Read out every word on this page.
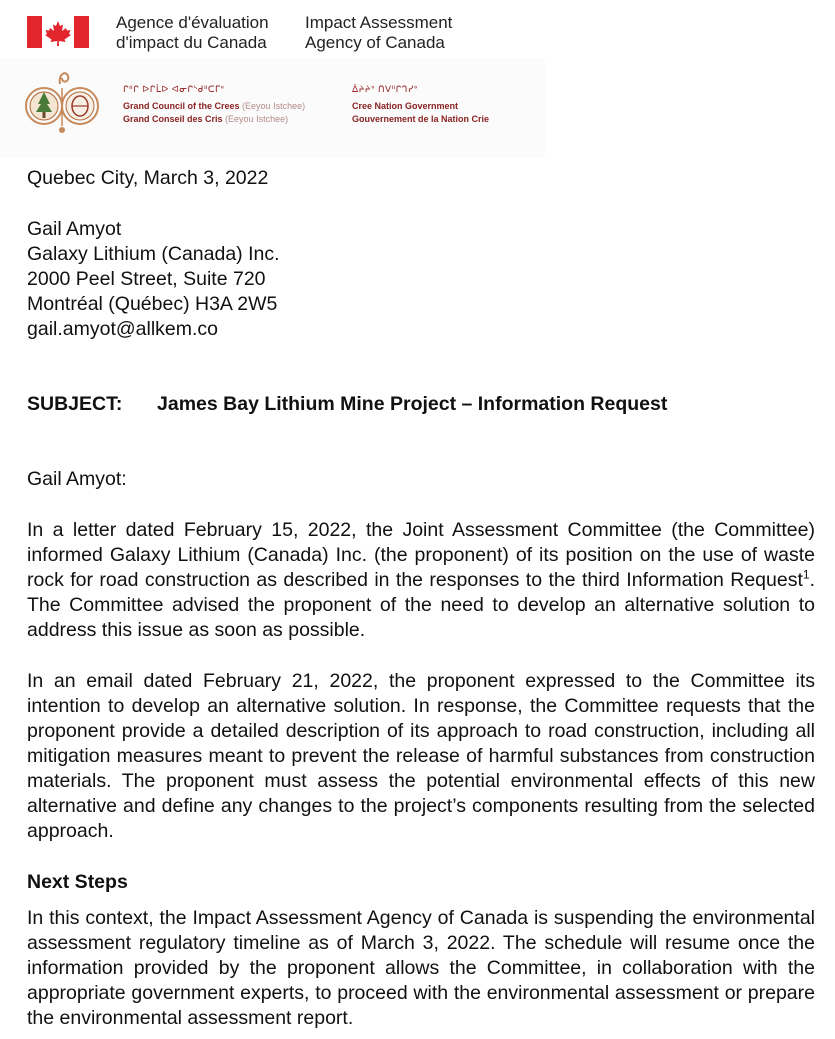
Agence d'évaluation
d'impact du Canada
Impact Assessment
Agency of Canada
ᒋᐦᒋ ᐅᒋᒫᐅ ᐊᓂᒋᔅᑯᐦᑕᒥᐤ	ᐄᔨᔨᐤ ᑎᐯᐦᒋᒉᓯᐤ
Grand Council of the Crees (Eeyou Istchee)
Grand Conseil des Cris (Eeyou Istchee)
Cree Nation Government
Gouvernement de la Nation Crie
Quebec City, March 3, 2022
Gail Amyot
Galaxy Lithium (Canada) Inc.
2000 Peel Street, Suite 720
Montréal (Québec) H3A 2W5
gail.amyot@allkem.co
SUBJECT: James Bay Lithium Mine Project – Information Request
Gail Amyot:
In a letter dated February 15, 2022, the Joint Assessment Committee (the Committee) informed Galaxy Lithium (Canada) Inc. (the proponent) of its position on the use of waste rock for road construction as described in the responses to the third Information Request$^1$. The Committee advised the proponent of the need to develop an alternative solution to address this issue as soon as possible.
In an email dated February 21, 2022, the proponent expressed to the Committee its intention to develop an alternative solution. In response, the Committee requests that the proponent provide a detailed description of its approach to road construction, including all mitigation measures meant to prevent the release of harmful substances from construction materials. The proponent must assess the potential environmental effects of this new alternative and define any changes to the project’s components resulting from the selected approach.
Next Steps
In this context, the Impact Assessment Agency of Canada is suspending the environmental assessment regulatory timeline as of March 3, 2022. The schedule will resume once the information provided by the proponent allows the Committee, in collaboration with the appropriate government experts, to proceed with the environmental assessment or prepare the environmental assessment report.
